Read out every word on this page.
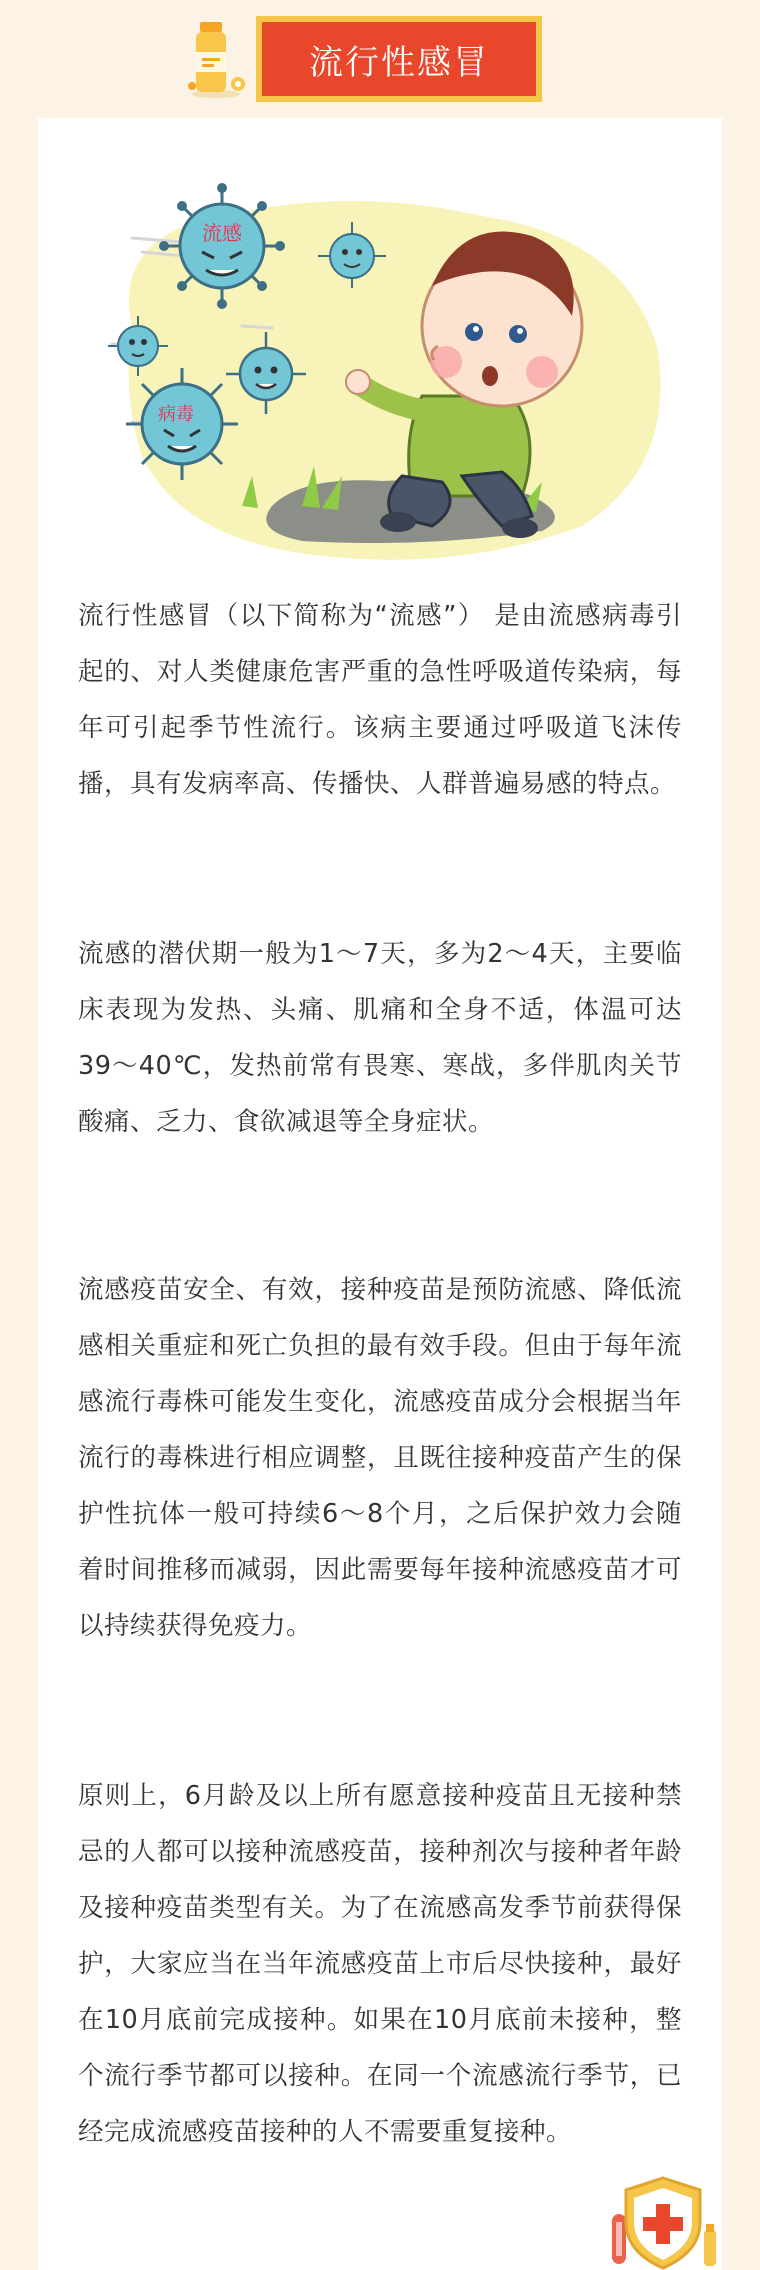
流行性感冒
流感
病毒
流行性感冒（以下简称为“流感”） 是由流感病毒引起的、对人类健康危害严重的急性呼吸道传染病，每年可引起季节性流行。该病主要通过呼吸道飞沫传播，具有发病率高、传播快、人群普遍易感的特点。
流感的潜伏期一般为1～7天，多为2～4天，主要临床表现为发热、头痛、肌痛和全身不适，体温可达39～40℃，发热前常有畏寒、寒战，多伴肌肉关节酸痛、乏力、食欲减退等全身症状。
流感疫苗安全、有效，接种疫苗是预防流感、降低流感相关重症和死亡负担的最有效手段。但由于每年流感流行毒株可能发生变化，流感疫苗成分会根据当年流行的毒株进行相应调整，且既往接种疫苗产生的保护性抗体一般可持续6～8个月，之后保护效力会随着时间推移而减弱，因此需要每年接种流感疫苗才可以持续获得免疫力。
原则上，6月龄及以上所有愿意接种疫苗且无接种禁忌的人都可以接种流感疫苗，接种剂次与接种者年龄及接种疫苗类型有关。为了在流感高发季节前获得保护，大家应当在当年流感疫苗上市后尽快接种，最好在10月底前完成接种。如果在10月底前未接种，整个流行季节都可以接种。在同一个流感流行季节，已经完成流感疫苗接种的人不需要重复接种。
